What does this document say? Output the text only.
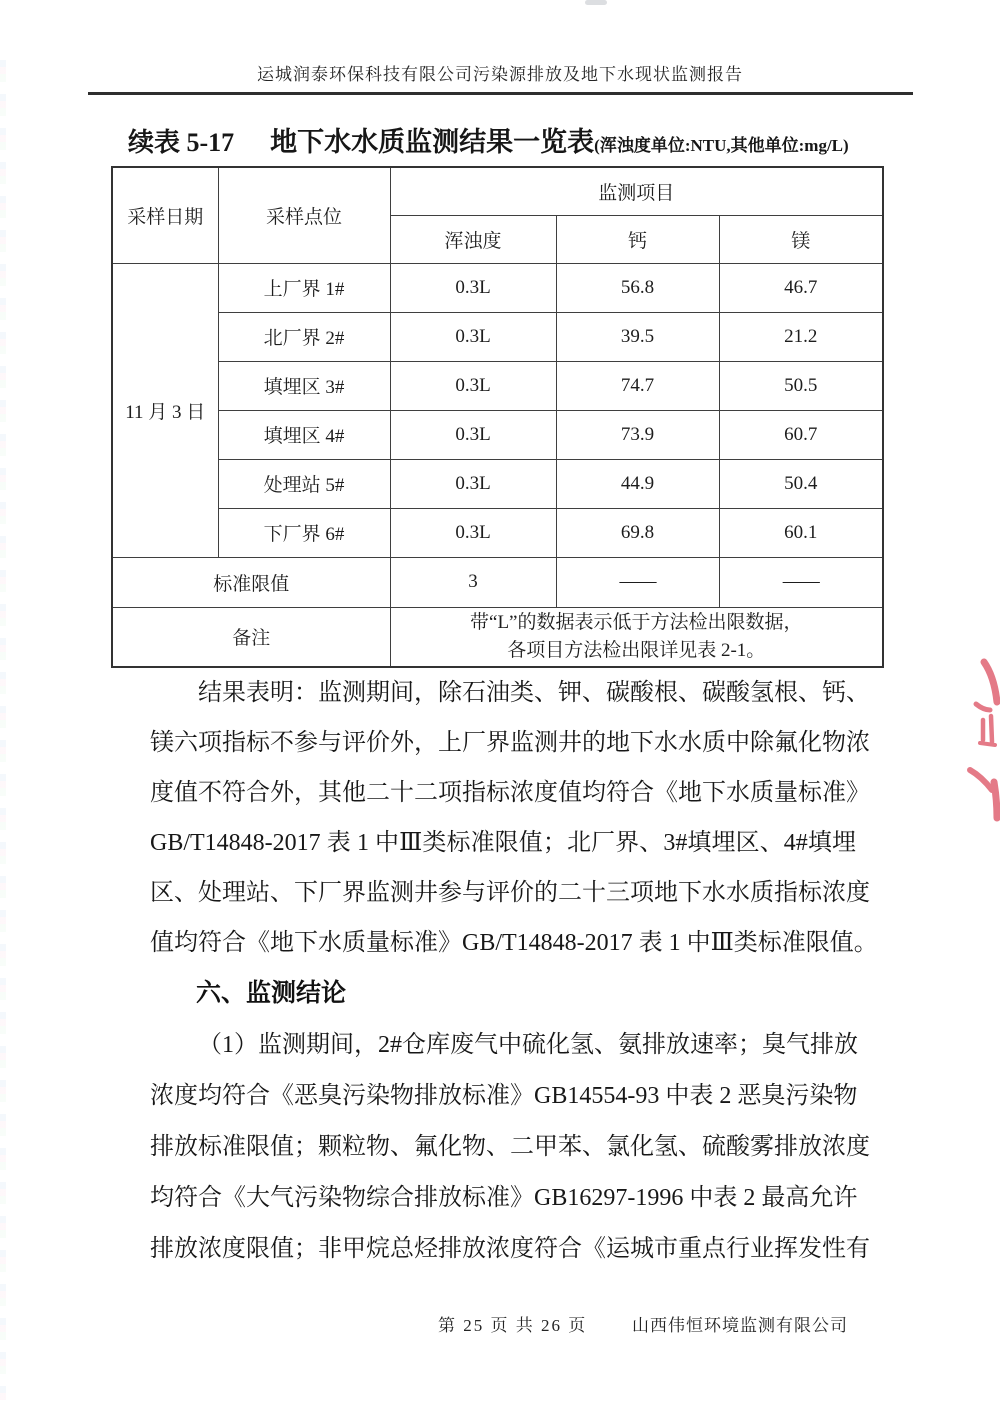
运城润泰环保科技有限公司污染源排放及地下水现状监测报告
续表 5-17 地下水水质监测结果一览表(浑浊度单位:NTU,其他单位:mg/L)
采样日期	采样点位	监测项目		
		浑浊度	钙	镁
11 月 3 日	上厂界 1#	0.3L	56.8	46.7
	北厂界 2#	0.3L	39.5	21.2
	填埋区 3#	0.3L	74.7	50.5
	填埋区 4#	0.3L	73.9	60.7
	处理站 5#	0.3L	44.9	50.4
	下厂界 6#	0.3L	69.8	60.1
标准限值		3	——	——
备注		带“L”的数据表示低于方法检出限数据，
各项目方法检出限详见表 2-1。		
结果表明：监测期间，除石油类、钾、碳酸根、碳酸氢根、钙、
镁六项指标不参与评价外，上厂界监测井的地下水水质中除氟化物浓
度值不符合外，其他二十二项指标浓度值均符合《地下水质量标准》
GB/T14848-2017 表 1 中Ⅲ类标准限值；北厂界、3#填埋区、4#填埋
区、处理站、下厂界监测井参与评价的二十三项地下水水质指标浓度
值均符合《地下水质量标准》GB/T14848-2017 表 1 中Ⅲ类标准限值。
六、监测结论
（1）监测期间，2#仓库废气中硫化氢、氨排放速率；臭气排放
浓度均符合《恶臭污染物排放标准》GB14554-93 中表 2 恶臭污染物
排放标准限值；颗粒物、氟化物、二甲苯、氯化氢、硫酸雾排放浓度
均符合《大气污染物综合排放标准》GB16297-1996 中表 2 最高允许
排放浓度限值；非甲烷总烃排放浓度符合《运城市重点行业挥发性有
第 25 页 共 26 页	山西伟恒环境监测有限公司
